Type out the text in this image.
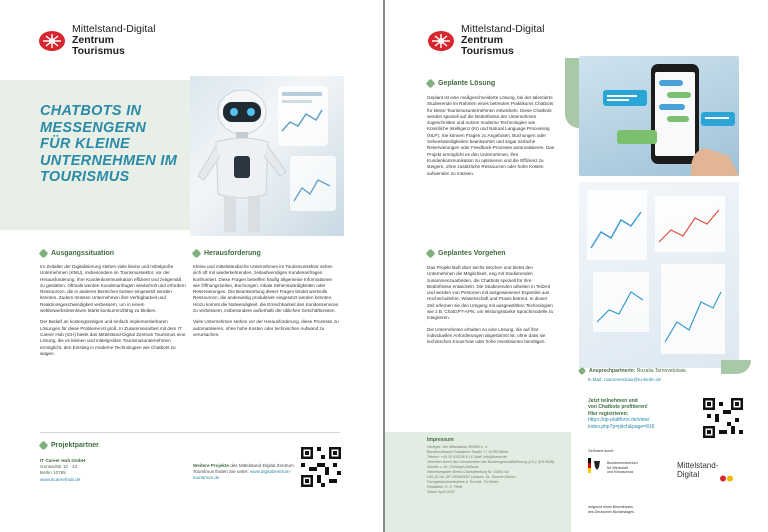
Mittelstand-Digital
Zentrum
Tourismus
CHATBOTS IN
MESSENGERN
FÜR KLEINE
UNTERNEHMEN IM
TOURISMUS
Ausgangssituation

Im Zeitalter der Digitalisierung stehen viele kleine und mittelgroße Unternehmen (KMU), insbesondere im Tourismussektor, vor der Herausforderung, ihre Kundenkommunikation effizient und zeitgemäß zu gestalten. Oftmals werden Kundenanfragen wiederholt und erfordern Ressourcen, die in anderen Bereichen besser eingesetzt werden könnten. Zudem müssen Unternehmen ihre Verfügbarkeit und Reaktionsgeschwindigkeit verbessern, um in einem wettbewerbsintensiven Markt konkurrenzfähig zu bleiben.

Der Bedarf an kostengünstigen und einfach implementierbaren Lösungen für diese Probleme ist groß. In Zusammenarbeit mit dem IT Career Hub (ICH) bietet das Mittelstand-Digital Zentrum Tourismus eine Lösung, die es kleinen und mittelgroßen Tourismusunternehmen ermöglicht, den Einstieg in moderne Technologien wie Chatbots zu wagen.

Herausforderung

Kleine und mittelständische Unternehmen im Tourismussektor sehen sich oft mit wiederkehrenden, zeitaufwendigen Kundenanfragen konfrontiert. Diese Fragen betreffen häufig allgemeine Informationen wie Öffnungszeiten, Buchungen, lokale Sehenswürdigkeiten oder Reservierungen. Die Beantwortung dieser Fragen bindet wertvolle Ressourcen, die anderweitig produktiver eingesetzt werden könnten. Hinzu kommt die Notwendigkeit, die Erreichbarkeit des Kundenservices zu verbessern, insbesondere außerhalb der üblichen Geschäftszeiten.

Viele Unternehmen stehen vor der Herausforderung, diese Prozesse zu automatisieren, ohne hohe Kosten oder technischen Aufwand zu verursachen.

Projektpartner
IT Career Hub GmbH
Gontardstr 10 · 43
Berlin 10785
www.itcareerhub.de
Weitere Projekte des Mittelstand-Digital Zentrum Tourismus finden Sie unter: www.digitalzentrum-tourismus.de
Mittelstand-Digital
Zentrum
Tourismus
Geplante Lösung

Geplant ist eine maßgeschneiderte Lösung, bei der talentierte Studierende im Rahmen eines betreuten Praktikums Chatbots für kleine Tourismusunternehmen entwickeln. Diese Chatbots werden speziell auf die Bedürfnisse der Unternehmen zugeschnitten und nutzen moderne Technologien wie Künstliche Intelligenz (KI) und Natural Language Processing (NLP). Sie können Fragen zu Angeboten, Buchungen oder Sehenswürdigkeiten beantworten und sogar einfache Reservierungen oder Feedback-Prozesse automatisieren. Das Projekt ermöglicht es den Unternehmen, ihre Kundenkommunikation zu optimieren und die Effizienz zu steigern, ohne zusätzliche Ressourcen oder hohe Kosten aufwenden zu müssen.

Geplantes Vorgehen

Das Projekt läuft über sechs Wochen und bietet den Unternehmen die Möglichkeit, eng mit Studierenden zusammenzuarbeiten, die Chatbots speziell für ihre Bedürfnisse entwickeln. Die Studierenden arbeiten in Teilzeit und werden von Personen mit ausgewiesener Expertise aus Hochschullehre, Wissenschaft und Praxis betreut. In dieser Zeit erlernen sie den Umgang mit ausgewählten Technologien wie z.B. ChatGPT-APIs, um leistungsstarke Sprachmodelle zu integrieren.

Die Unternehmen erhalten so eine Lösung, die auf ihre individuellen Anforderungen abgestimmt ist, ohne dass sie technisches Know-how oder hohe Investitionen benötigen.

Ansprechpartnerin: Rozalia Tarnovetckaia
E-Mail: r.tarnovetckaia@tu-berlin.de
Jetzt teilnehmen und
von Chatbots profitieren!
Hier registrieren:
https://dp-plattform.de/view/
index.php?p=pitch&page=816
Impressum
Verleger: Der Mittelstand, BVMW e. V.
Bundesverband Potsdamer Straße 7 | 10785 Berlin
Telefon: +49 30 533206-0 | E-Mail: info@bvmw.de
Vertreten durch den Vorsitzenden der Bundesgeschäftsführung (i.S.v. §26 BGB): Sonder u. Dr. Christoph Ahlhaus
Hinweisregister Berlin-Charlottenburg Nr. 19361 Nz
USt.-ID-Nr. DE 250683182 | Autorin: Dr. Simone Mumm
Fachgebiet Arbeitslehre & Technik, TU Berlin
Redaktion: K. K. Pfeld
Stand: April 2025
Gefördert durch:
Bundesministerium
für Wirtschaft
und Klimaschutz
Mittelstand-
Digital
aufgrund eines Beschlusses
des Deutschen Bundestages
